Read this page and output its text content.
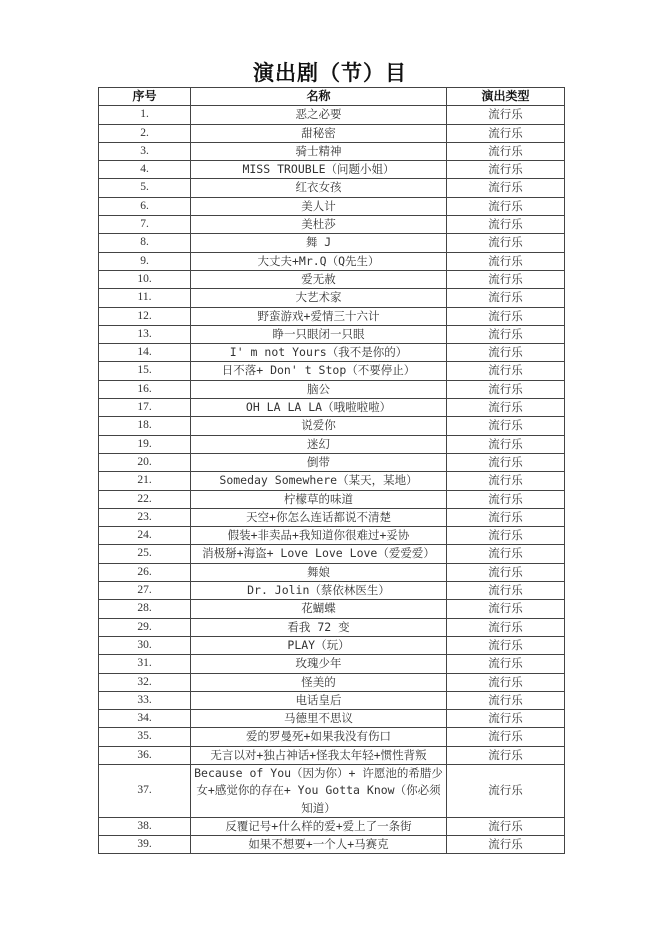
演出剧（节）目
序号	名称	演出类型
1.	恶之必要	流行乐
2.	甜秘密	流行乐
3.	骑士精神	流行乐
4.	MISS TROUBLE（问题小姐）	流行乐
5.	红衣女孩	流行乐
6.	美人计	流行乐
7.	美杜莎	流行乐
8.	舞 J	流行乐
9.	大丈夫+Mr.Q（Q先生）	流行乐
10.	爱无赦	流行乐
11.	大艺术家	流行乐
12.	野蛮游戏+爱情三十六计	流行乐
13.	睁一只眼闭一只眼	流行乐
14.	I' m not Yours（我不是你的）	流行乐
15.	日不落+ Don' t Stop（不要停止）	流行乐
16.	脑公	流行乐
17.	OH LA LA LA（哦啦啦啦）	流行乐
18.	说爱你	流行乐
19.	迷幻	流行乐
20.	倒带	流行乐
21.	Someday Somewhere（某天，某地）	流行乐
22.	柠檬草的味道	流行乐
23.	天空+你怎么连话都说不清楚	流行乐
24.	假装+非卖品+我知道你很难过+妥协	流行乐
25.	消极掰+海盗+ Love Love Love（爱爱爱）	流行乐
26.	舞娘	流行乐
27.	Dr. Jolin（蔡依林医生）	流行乐
28.	花蝴蝶	流行乐
29.	看我 72 变	流行乐
30.	PLAY（玩）	流行乐
31.	玫瑰少年	流行乐
32.	怪美的	流行乐
33.	电话皇后	流行乐
34.	马德里不思议	流行乐
35.	爱的罗曼死+如果我没有伤口	流行乐
36.	无言以对+独占神话+怪我太年轻+惯性背叛	流行乐
37.	Because of You（因为你）+ 许愿池的希腊少女+感觉你的存在+ You Gotta Know（你必须知道）	流行乐
38.	反覆记号+什么样的爱+爱上了一条街	流行乐
39.	如果不想要+一个人+马赛克	流行乐
